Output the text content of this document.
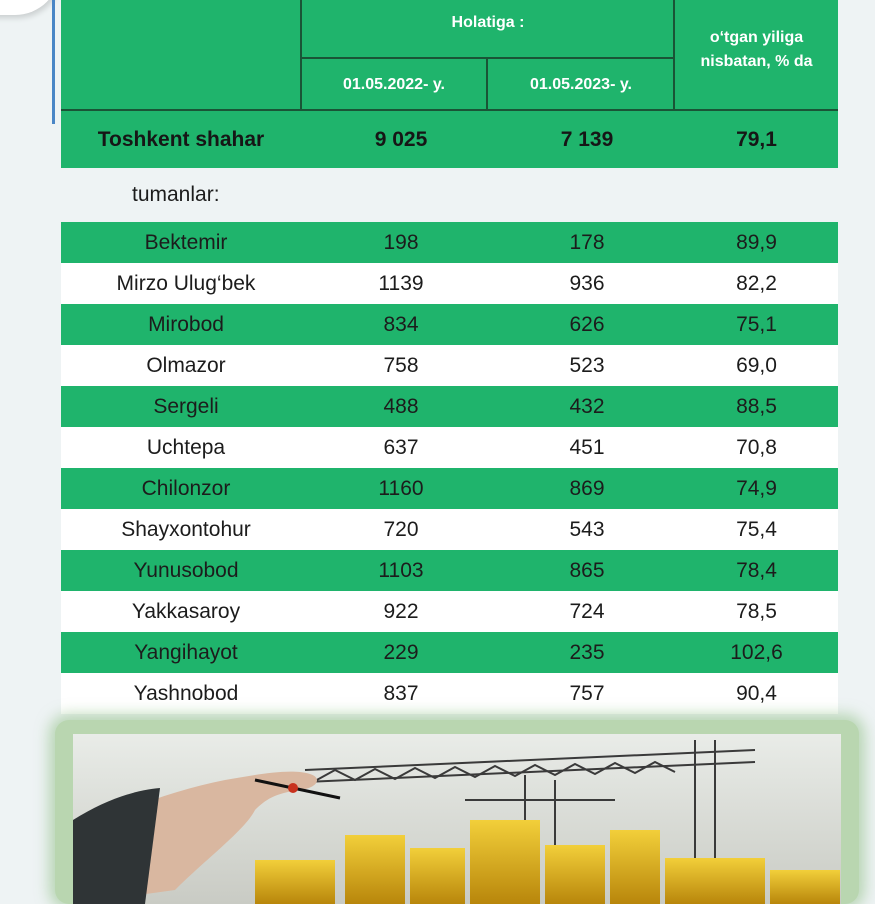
Holatiga :
01.05.2022- y.	01.05.2023- y.
o‘tgan yiliga nisbatan, % da
Toshkent shahar	9 025	7 139	79,1
tumanlar:
Bektemir	198	178	89,9
Mirzo Ulug‘bek	1139	936	82,2
Mirobod	834	626	75,1
Olmazor	758	523	69,0
Sergeli	488	432	88,5
Uchtepa	637	451	70,8
Chilonzor	1160	869	74,9
Shayxontohur	720	543	75,4
Yunusobod	1103	865	78,4
Yakkasaroy	922	724	78,5
Yangihayot	229	235	102,6
Yashnobod	837	757	90,4
